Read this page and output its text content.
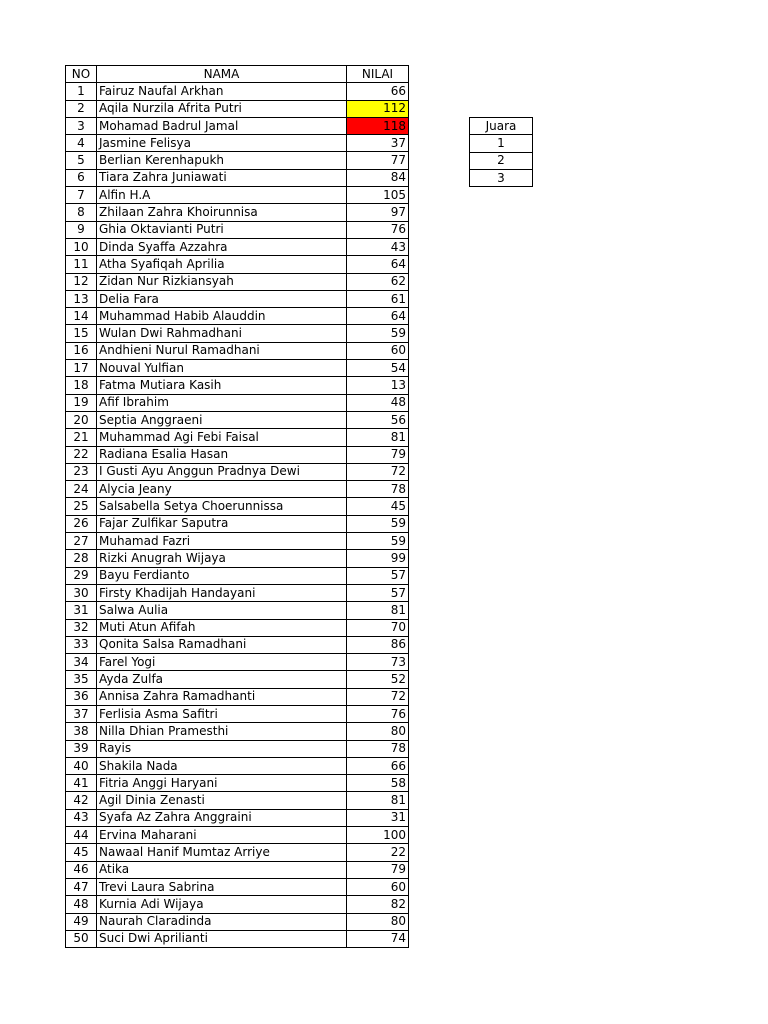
NO	NAMA	NILAI
1	Fairuz Naufal Arkhan	66
2	Aqila Nurzila Afrita Putri	112
3	Mohamad Badrul Jamal	118
4	Jasmine Felisya	37
5	Berlian Kerenhapukh	77
6	Tiara Zahra Juniawati	84
7	Alfin H.A	105
8	Zhilaan Zahra Khoirunnisa	97
9	Ghia Oktavianti Putri	76
10	Dinda Syaffa Azzahra	43
11	Atha Syafiqah Aprilia	64
12	Zidan Nur Rizkiansyah	62
13	Delia Fara	61
14	Muhammad Habib Alauddin	64
15	Wulan Dwi Rahmadhani	59
16	Andhieni Nurul Ramadhani	60
17	Nouval Yulfian	54
18	Fatma Mutiara Kasih	13
19	Afif Ibrahim	48
20	Septia Anggraeni	56
21	Muhammad Agi Febi Faisal	81
22	Radiana Esalia Hasan	79
23	I Gusti Ayu Anggun Pradnya Dewi	72
24	Alycia Jeany	78
25	Salsabella Setya Choerunnissa	45
26	Fajar Zulfikar Saputra	59
27	Muhamad Fazri	59
28	Rizki Anugrah Wijaya	99
29	Bayu Ferdianto	57
30	Firsty Khadijah Handayani	57
31	Salwa Aulia	81
32	Muti Atun Afifah	70
33	Qonita Salsa Ramadhani	86
34	Farel Yogi	73
35	Ayda Zulfa	52
36	Annisa Zahra Ramadhanti	72
37	Ferlisia Asma Safitri	76
38	Nilla Dhian Pramesthi	80
39	Rayis	78
40	Shakila Nada	66
41	Fitria Anggi Haryani	58
42	Agil Dinia Zenasti	81
43	Syafa Az Zahra Anggraini	31
44	Ervina Maharani	100
45	Nawaal Hanif Mumtaz Arriye	22
46	Atika	79
47	Trevi Laura Sabrina	60
48	Kurnia Adi Wijaya	82
49	Naurah Claradinda	80
50	Suci Dwi Aprilianti	74
Juara
1
2
3
